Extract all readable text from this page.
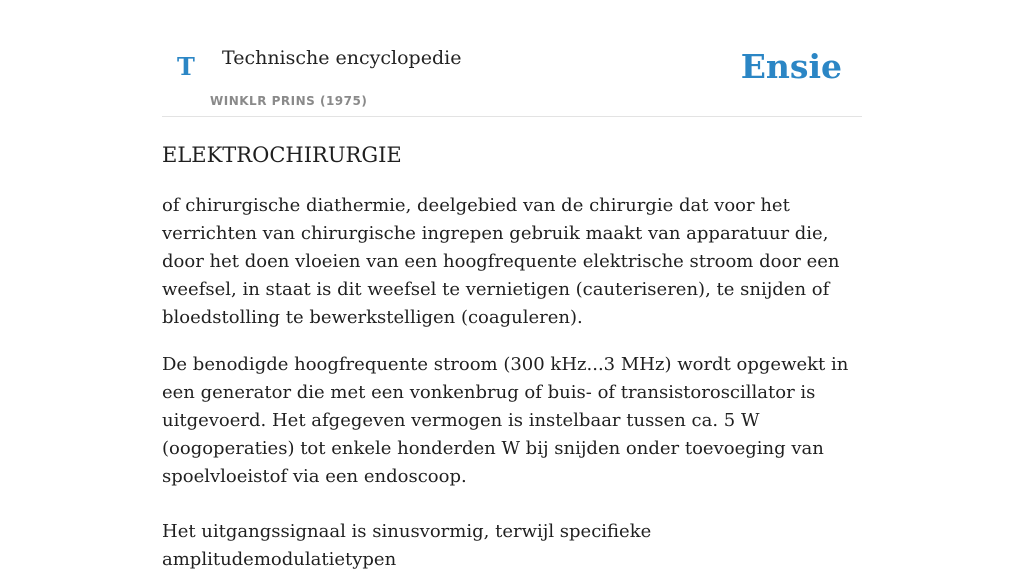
T Technische encyclopedie
WINKLR PRINS (1975)
Ensie
ELEKTROCHIRURGIE

of chirurgische diathermie, deelgebied van de chirurgie dat voor het verrichten van chirurgische ingrepen gebruik maakt van apparatuur die, door het doen vloeien van een hoogfrequente elektrische stroom door een weefsel, in staat is dit weefsel te vernietigen (cauteriseren), te snijden of bloedstolling te bewerkstelligen (coaguleren).

De benodigde hoogfrequente stroom (300 kHz...3 MHz) wordt opgewekt in een generator die met een vonkenbrug of buis- of transistoroscillator is uitgevoerd. Het afgegeven vermogen is instelbaar tussen ca. 5 W (oogoperaties) tot enkele honderden W bij snijden onder toevoeging van spoelvloeistof via een endoscoop.

Het uitgangssignaal is sinusvormig, terwijl specifieke amplitudemodulatietypen
